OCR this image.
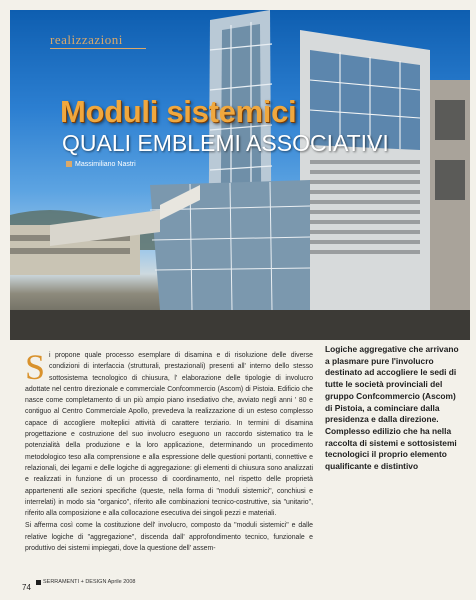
realizzazioni
Moduli sistemici
QUALI EMBLEMI ASSOCIATIVI
Massimiliano Nastri

Si propone quale processo esemplare di disamina e di risoluzione delle diverse condizioni di interfaccia (strutturali, prestazionali) presenti all' interno dello stesso sottosistema tecnologico di chiusura, l' elaborazione delle tipologie di involucro adottate nel centro direzionale e commerciale Confcommercio (Ascom) di Pistoia. Edificio che nasce come completamento di un più ampio piano insediativo che, avviato negli anni ' 80 e contiguo al Centro Commerciale Apollo, prevedeva la realizzazione di un esteso complesso capace di accogliere molteplici attività di carattere terziario. In termini di disamina progettazione e costruzione del suo involucro eseguono un raccordo sistematico tra le potenzialità della produzione e la loro applicazione, determinando un procedimento metodologico teso alla comprensione e alla espressione delle questioni portanti, connettive e relazionali, dei legami e delle logiche di aggregazione: gli elementi di chiusura sono analizzati e realizzati in funzione di un processo di coordinamento, nel rispetto delle proprietà appartenenti alle sezioni specifiche (queste, nella forma di "moduli sistemici", conchiusi e interrelati) in modo sia "organico", riferito alle combinazioni tecnico-costruttive, sia "unitario", riferito alla composizione e alla collocazione esecutiva dei singoli pezzi e materiali.

Si afferma così come la costituzione dell' involucro, composto da "moduli sistemici" e dalle relative logiche di "aggregazione", discenda dall' approfondimento tecnico, funzionale e produttivo dei sistemi impiegati, dove la questione dell' assem-

Logiche aggregative che arrivano a plasmare pure l'involucro destinato ad accogliere le sedi di tutte le società provinciali del gruppo Confcommercio (Ascom) di Pistoia, a cominciare dalla presidenza e dalla direzione. Complesso edilizio che ha nella raccolta di sistemi e sottosistemi tecnologici il proprio elemento qualificante e distintivo
74
SERRAMENTI + DESIGN Aprile 2008
